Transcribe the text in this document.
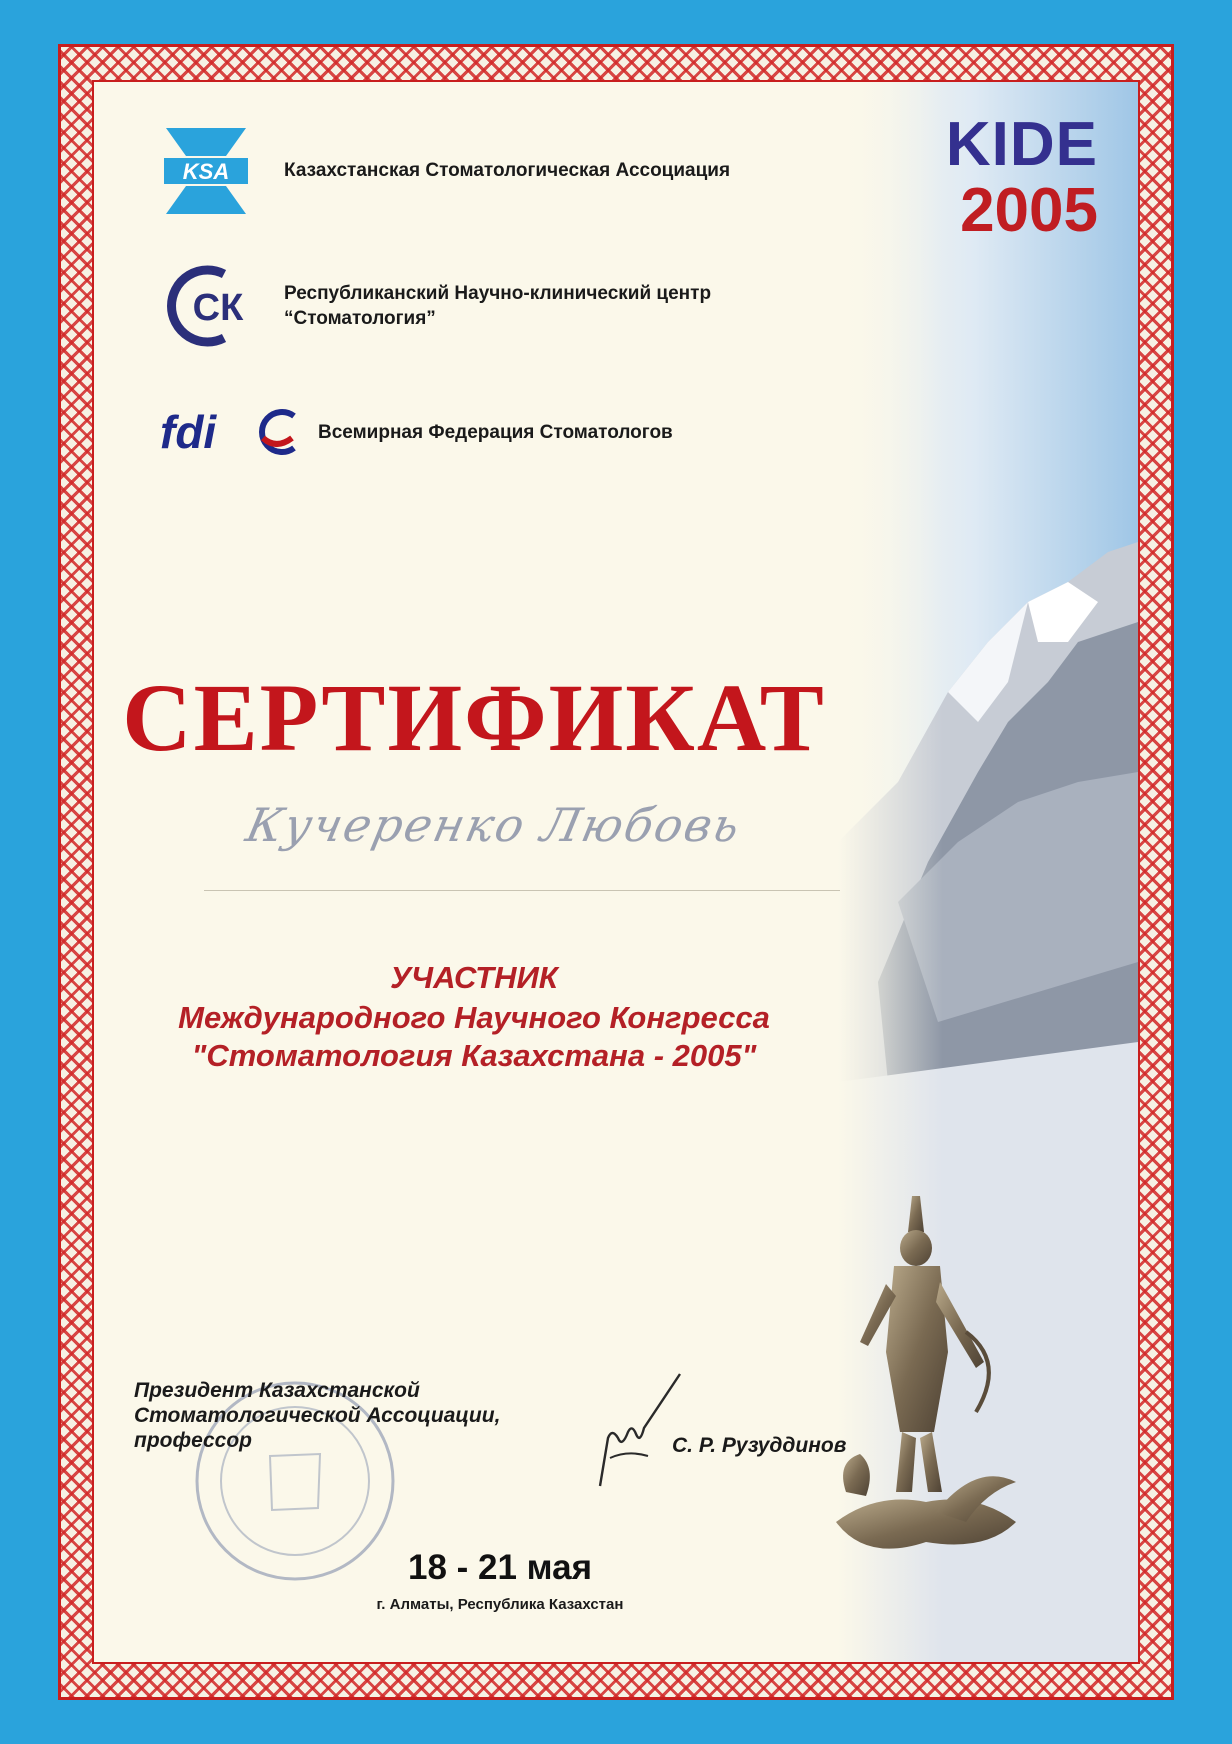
KSA	Казахстанская Стоматологическая Ассоциация
СК Республиканский Научно-клинический центр
“Стоматология”
fdi	Всемирная Федерация Стоматологов
KIDE
2005
СЕРТИФИКАТ
Кучеренко Любовь
УЧАСТНИК
Международного Научного Конгресса
"Стоматология Казахстана - 2005"
Президент Казахстанской
Стоматологической Ассоциации,
профессор	С. Р. Рузуддинов
18 - 21 мая
г. Алматы, Республика Казахстан
